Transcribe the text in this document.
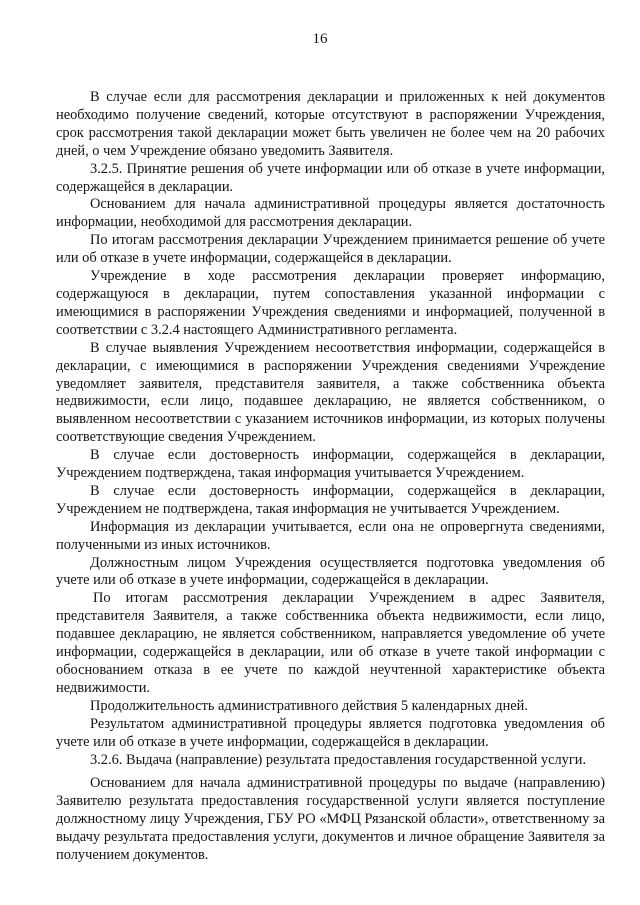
16

В случае если для рассмотрения декларации и приложенных к ней документов необходимо получение сведений, которые отсутствуют в распоряжении Учреждения, срок рассмотрения такой декларации может быть увеличен не более чем на 20 рабочих дней, о чем Учреждение обязано уведомить Заявителя.

3.2.5. Принятие решения об учете информации или об отказе в учете информации, содержащейся в декларации.

Основанием для начала административной процедуры является достаточность информации, необходимой для рассмотрения декларации.

По итогам рассмотрения декларации Учреждением принимается решение об учете или об отказе в учете информации, содержащейся в декларации.

Учреждение в ходе рассмотрения декларации проверяет информацию, содержащуюся в декларации, путем сопоставления указанной информации с имеющимися в распоряжении Учреждения сведениями и информацией, полученной в соответствии с 3.2.4 настоящего Административного регламента.

В случае выявления Учреждением несоответствия информации, содержащейся в декларации, с имеющимися в распоряжении Учреждения сведениями Учреждение уведомляет заявителя, представителя заявителя, а также собственника объекта недвижимости, если лицо, подавшее декларацию, не является собственником, о выявленном несоответствии с указанием источников информации, из которых получены соответствующие сведения Учреждением.

В случае если достоверность информации, содержащейся в декларации, Учреждением подтверждена, такая информация учитывается Учреждением.

В случае если достоверность информации, содержащейся в декларации, Учреждением не подтверждена, такая информация не учитывается Учреждением.

Информация из декларации учитывается, если она не опровергнута сведениями, полученными из иных источников.

Должностным лицом Учреждения осуществляется подготовка уведомления об учете или об отказе в учете информации, содержащейся в декларации.

По итогам рассмотрения декларации Учреждением в адрес Заявителя, представителя Заявителя, а также собственника объекта недвижимости, если лицо, подавшее декларацию, не является собственником, направляется уведомление об учете информации, содержащейся в декларации, или об отказе в учете такой информации с обоснованием отказа в ее учете по каждой неучтенной характеристике объекта недвижимости.

Продолжительность административного действия 5 календарных дней.

Результатом административной процедуры является подготовка уведомления об учете или об отказе в учете информации, содержащейся в декларации.

3.2.6. Выдача (направление) результата предоставления государственной услуги.

Основанием для начала административной процедуры по выдаче (направлению) Заявителю результата предоставления государственной услуги является поступление должностному лицу Учреждения, ГБУ РО «МФЦ Рязанской области», ответственному за выдачу результата предоставления услуги, документов и личное обращение Заявителя за получением документов.
